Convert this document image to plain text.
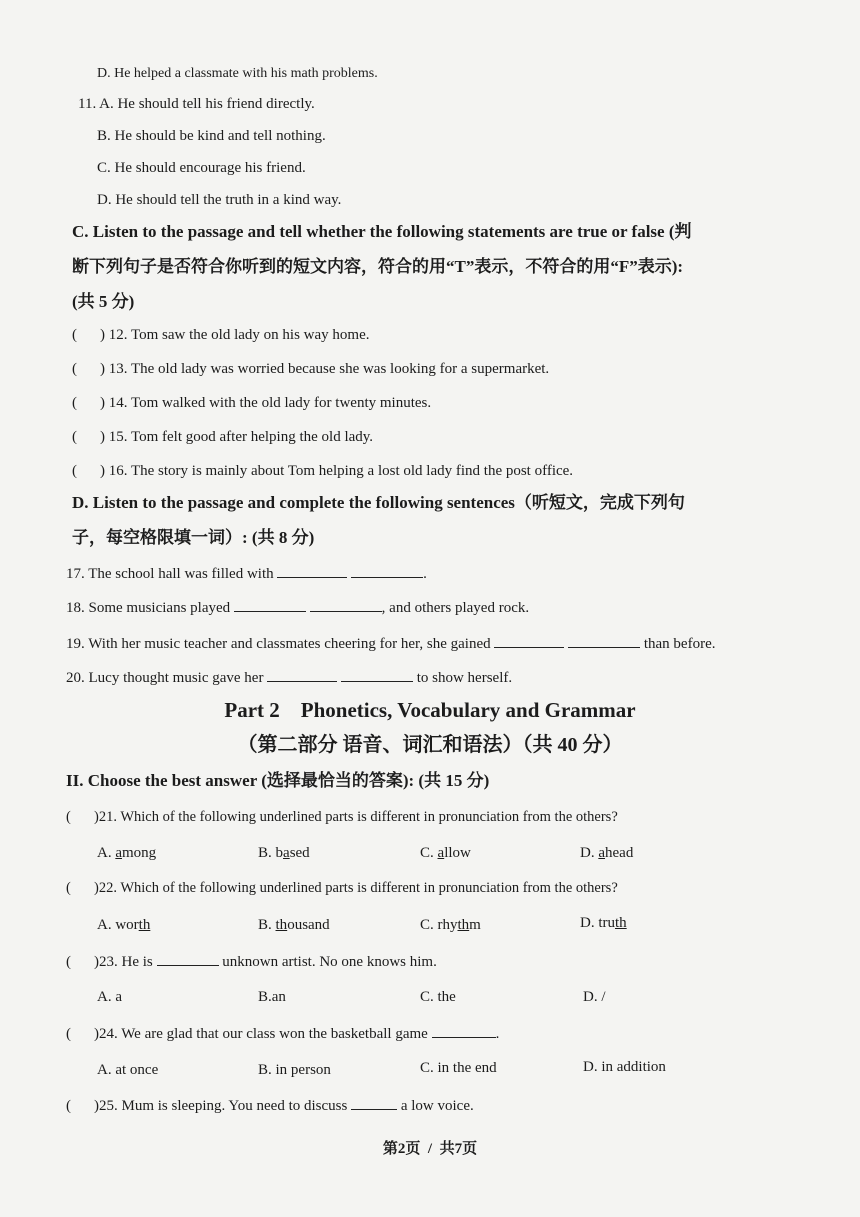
D. He helped a classmate with his math problems.
11. A. He should tell his friend directly.
B. He should be kind and tell nothing.
C. He should encourage his friend.
D. He should tell the truth in a kind way.
C. Listen to the passage and tell whether the following statements are true or false (判
断下列句子是否符合你听到的短文内容，符合的用“T”表示，不符合的用“F”表示):
(共 5 分)
( ) 12. Tom saw the old lady on his way home.
( ) 13. The old lady was worried because she was looking for a supermarket.
( ) 14. Tom walked with the old lady for twenty minutes.
( ) 15. Tom felt good after helping the old lady.
( ) 16. The story is mainly about Tom helping a lost old lady find the post office.
D. Listen to the passage and complete the following sentences（听短文，完成下列句
子，每空格限填一词）: (共 8 分)
17. The school hall was filled with	.
18. Some musicians played	, and others played rock.
19. With her music teacher and classmates cheering for her, she gained	than before.
20. Lucy thought music gave her	to show herself.
Part 2    Phonetics, Vocabulary and Grammar
（第二部分 语音、词汇和语法）（共 40 分）
II. Choose the best answer (选择最恰当的答案): (共 15 分)
( )21. Which of the following underlined parts is different in pronunciation from the others?
A. among	B. based	C. allow	D. ahead
( )22. Which of the following underlined parts is different in pronunciation from the others?
A. worth	B. thousand	C. rhythm	D. truth
( )23. He is	unknown artist. No one knows him.
A. a	B.an	C. the	D. /
( )24. We are glad that our class won the basketball game	.
A. at once	B. in person	C. in the end	D. in addition
( )25. Mum is sleeping. You need to discuss	a low voice.
第2页  /  共7页
